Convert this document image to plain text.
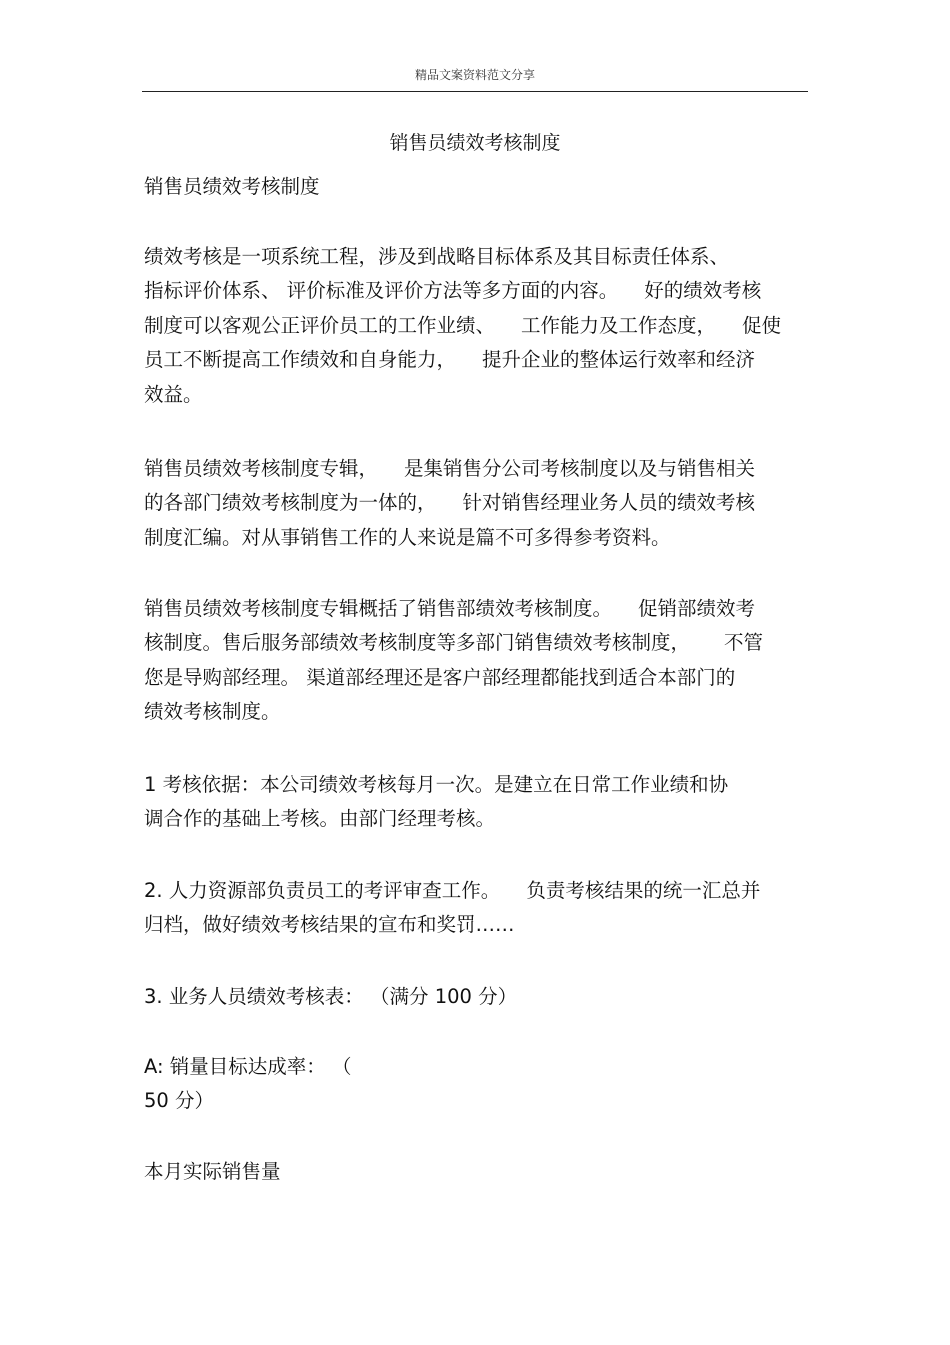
精品文案资料范文分享
销售员绩效考核制度
销售员绩效考核制度
绩效考核是一项系统工程，涉及到战略目标体系及其目标责任体系、
指标评价体系、 评价标准及评价方法等多方面的内容。 好的绩效考核
制度可以客观公正评价员工的工作业绩、 工作能力及工作态度， 促使
员工不断提高工作绩效和自身能力， 提升企业的整体运行效率和经济
效益。
销售员绩效考核制度专辑， 是集销售分公司考核制度以及与销售相关
的各部门绩效考核制度为一体的， 针对销售经理业务人员的绩效考核
制度汇编。对从事销售工作的人来说是篇不可多得参考资料。
销售员绩效考核制度专辑概括了销售部绩效考核制度。 促销部绩效考
核制度。售后服务部绩效考核制度等多部门销售绩效考核制度， 不管
您是导购部经理。 渠道部经理还是客户部经理都能找到适合本部门的
绩效考核制度。
1 考核依据：本公司绩效考核每月一次。是建立在日常工作业绩和协
调合作的基础上考核。由部门经理考核。
2. 人力资源部负责员工的考评审查工作。 负责考核结果的统一汇总并
归档，做好绩效考核结果的宣布和奖罚……
3. 业务人员绩效考核表： （满分 100 分）
A: 销量目标达成率： （
50 分）
本月实际销售量
